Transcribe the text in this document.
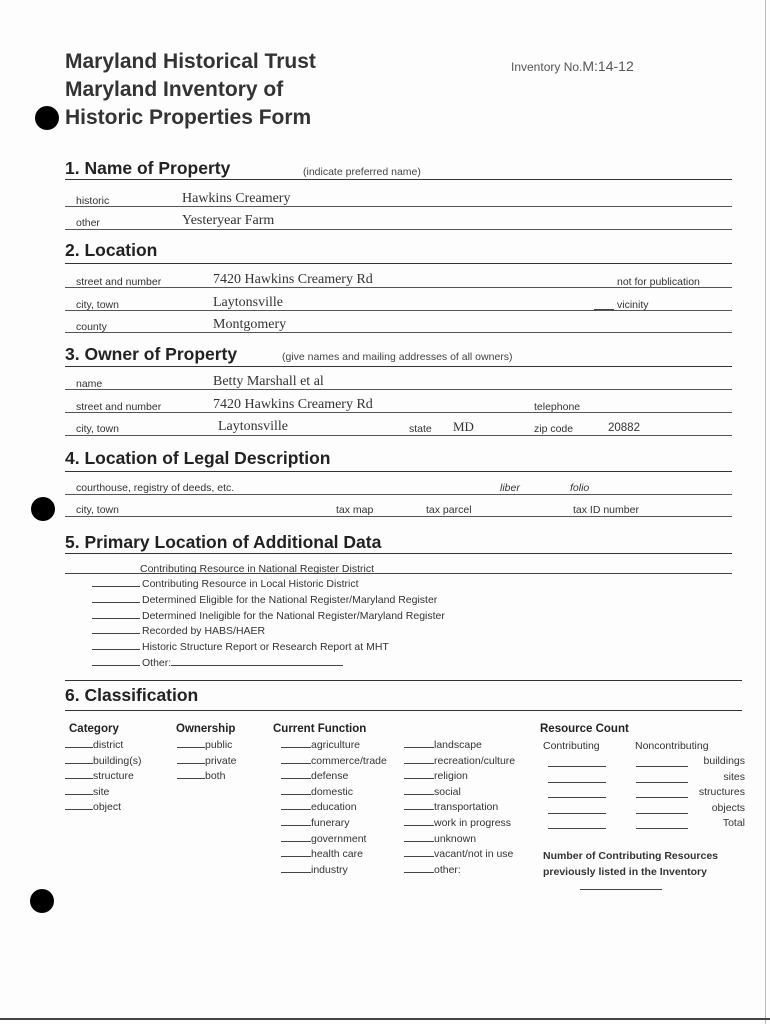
Maryland Historical Trust
Maryland Inventory of
Historic Properties Form
Inventory No.M:14-12
1. Name of Property	(indicate preferred name)
historic	Hawkins Creamery
other	Yesteryear Farm
2. Location
street and number	7420 Hawkins Creamery Rd	not for publication
city, town	Laytonsville	vicinity
county	Montgomery
3. Owner of Property	(give names and mailing addresses of all owners)
name	Betty Marshall et al
street and number	7420 Hawkins Creamery Rd	telephone
city, town	Laytonsville	state MD	zip code	20882
4. Location of Legal Description
courthouse, registry of deeds, etc.	liber	folio
city, town	tax map	tax parcel	tax ID number
5. Primary Location of Additional Data
Contributing Resource in National Register District
Contributing Resource in Local Historic District
Determined Eligible for the National Register/Maryland Register
Determined Ineligible for the National Register/Maryland Register
Recorded by HABS/HAER
Historic Structure Report or Research Report at MHT
Other:
6. Classification
Category
district
building(s)
structure
site
object
Ownership
public
private
both
Current Function
agriculture
commerce/trade
defense
domestic
education
funerary
government
health care
industry
landscape
recreation/culture
religion
social
transportation
work in progress
unknown
vacant/not in use
other:
Resource Count
Contributing	Noncontributing
buildings
sites
structures
objects
Total
Number of Contributing Resources
previously listed in the Inventory
